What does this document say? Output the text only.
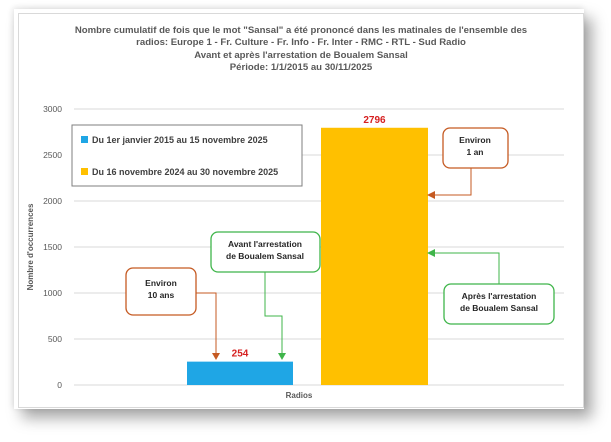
Nombre cumulatif de fois que le mot "Sansal" a été prononcé dans les matinales de l'ensemble des
radios: Europe 1 - Fr. Culture - Fr. Info - Fr. Inter - RMC - RTL - Sud Radio
Avant et après l'arrestation de Boualem Sansal
Période: 1/1/2015 au 30/11/2025
0
500
1000
1500
2000
2500
3000
Nombre d'occurrences
Radios
254
2796
Du 1er janvier 2015 au 15 novembre 2025
Du 16 novembre 2024 au 30 novembre 2025
Environ
10 ans
Avant l'arrestation
de Boualem Sansal
Environ
1 an
Après l'arrestation
de Boualem Sansal
